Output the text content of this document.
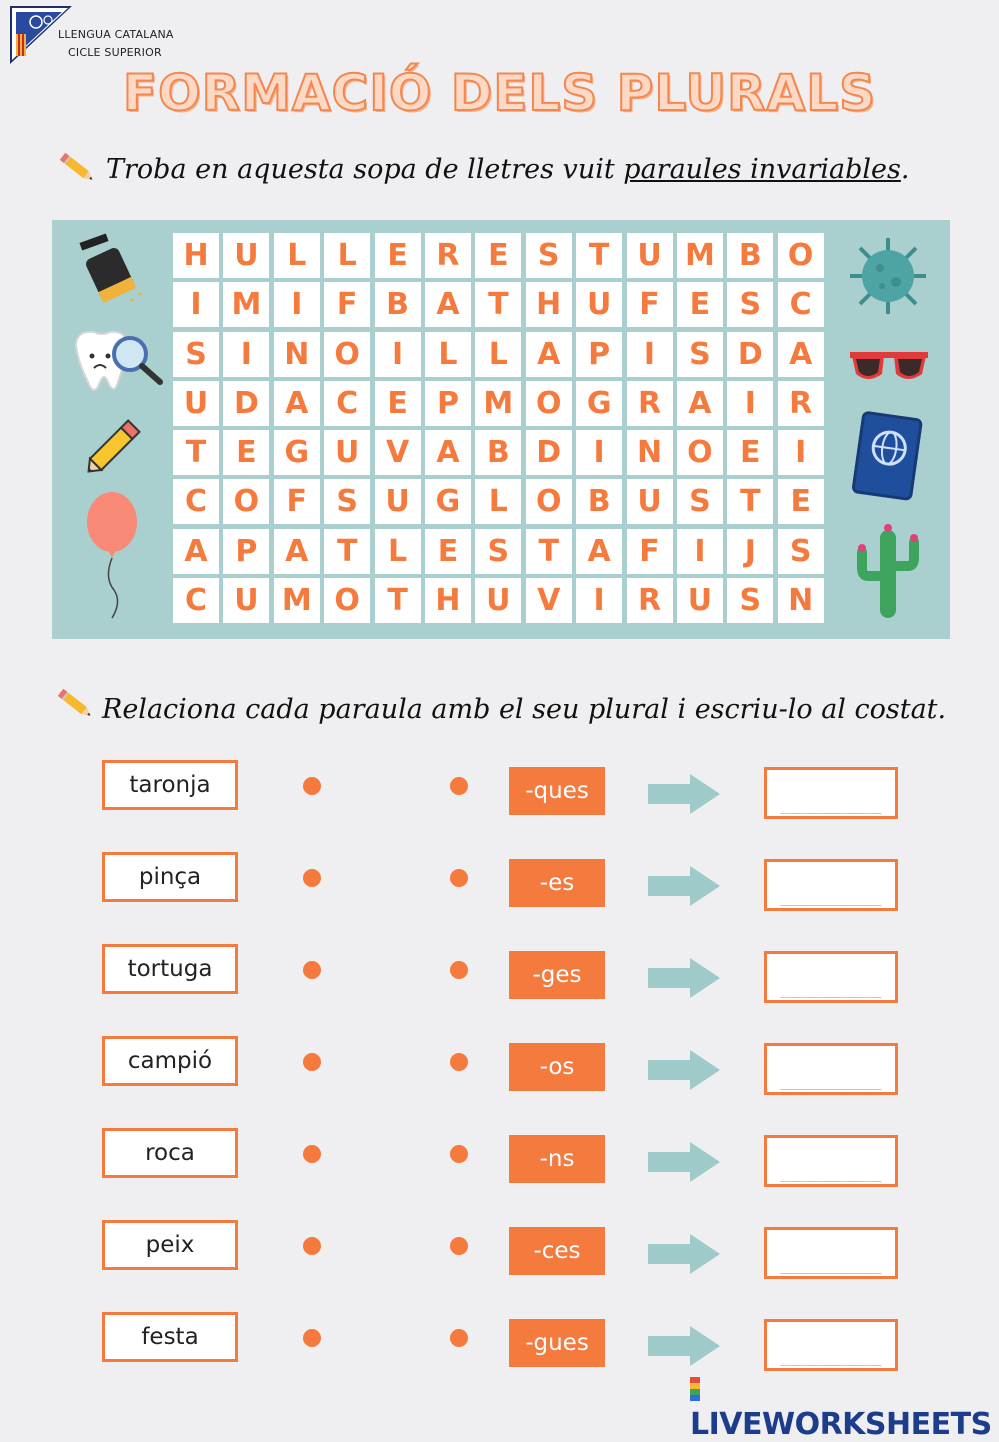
LLENGUA CATALANA
CICLE SUPERIOR
FORMACIÓ DELS PLURALS
Troba en aquesta sopa de lletres vuit paraules invariables.
H U L	L	E R E S T U M B O
I M I	F B A T H U F E S C
S	I	N O	I	L	L A P	I	S D A
U D A C E P M O G R A	I	R
T E G U V A B D	I	N O E	I
C O F S U G L O B U S T E
A P A T	L	E S T A F	I	J	S
C U M O T H U V	I	R U S N
Relaciona cada paraula amb el seu plural i escriu-lo al costat.
taronja	-ques
____________
pinça	-es
____________
tortuga	-ges
____________
campió	-os
____________
roca	-ns
____________
peix	-ces
____________
festa	-gues
____________
LIVEWORKSHEETS
